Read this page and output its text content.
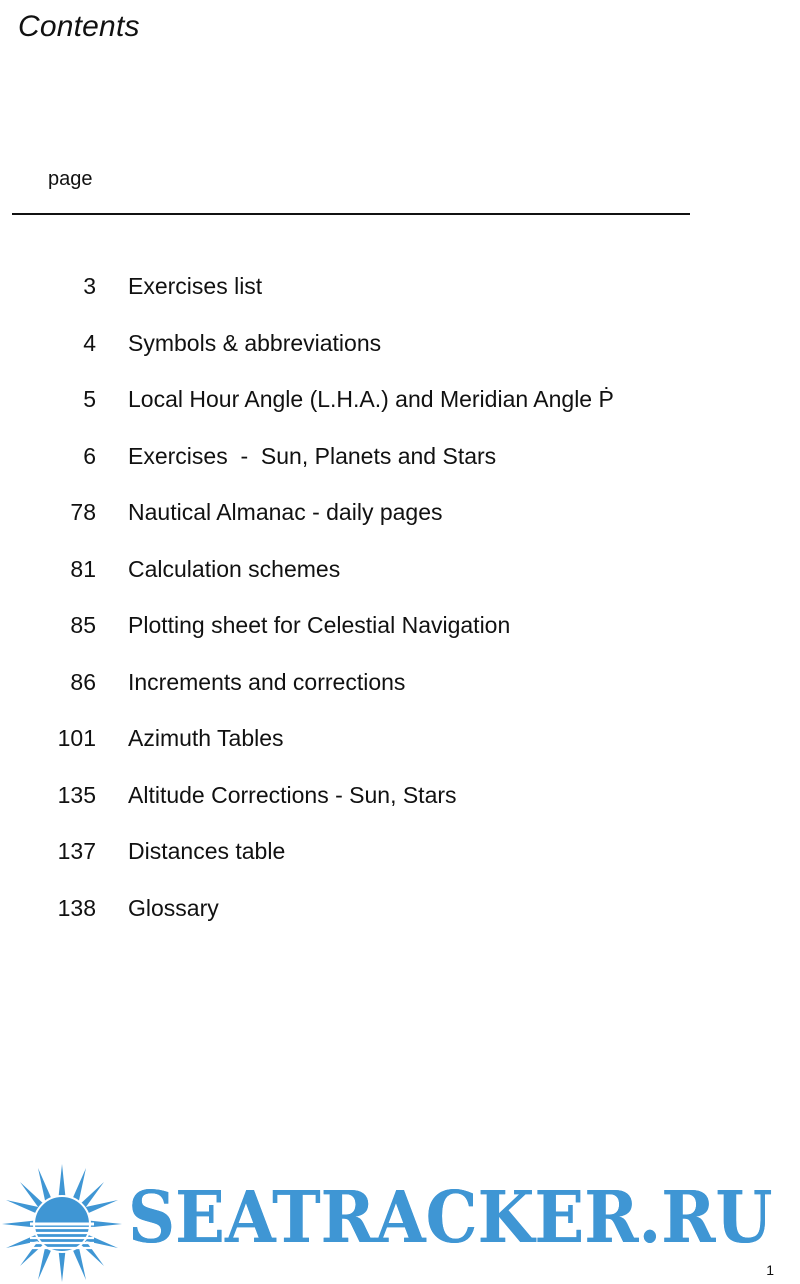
Contents
page
3 Exercises list
4 Symbols & abbreviations
5 Local Hour Angle (L.H.A.) and Meridian Angle Ṗ
6 Exercises  -  Sun, Planets and Stars
78 Nautical Almanac - daily pages
81 Calculation schemes
85 Plotting sheet for Celestial Navigation
86 Increments and corrections
101 Azimuth Tables
135 Altitude Corrections - Sun, Stars
137 Distances table
138 Glossary
SEATRACKER.RU
1
